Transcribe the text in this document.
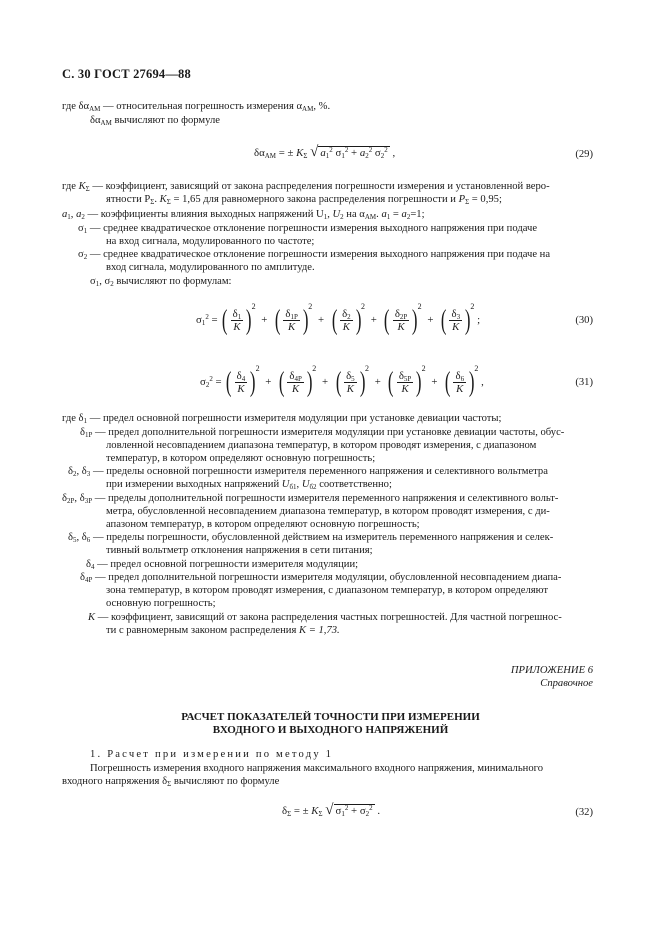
С. 30 ГОСТ 27694—88
где $\delta\alpha_{АМ}$ — относительная погрешность измерения $\alpha_{АМ}$, %.
$\delta\alpha_{АМ}$ вычисляют по формуле
$\delta\alpha_{АМ}$ = ± $K_\Sigma$ √ $a_1^2$ $\sigma_1^2 + a_2^2$ $\sigma_2^2$ ,	(29)
где $K_\Sigma$ — коэффициент, зависящий от закона распределения погрешности измерения и установленной веро-
ятности $P_\Sigma$. $K_\Sigma = 1,65$ для равномерного закона распределения погрешности и $P_\Sigma = 0,95$;
$a_1$, $a_2$ — коэффициенты влияния выходных напряжений $U_1$, $U_2$ на $\alpha_{АМ}$. $a_1 = a_2=1$;
$\sigma_1$ — среднее квадратическое отклонение погрешности измерения выходного напряжения при подаче
на вход сигнала, модулированного по частоте;
$\sigma_2$ — среднее квадратическое отклонение погрешности измерения выходного напряжения при подаче на
вход сигнала, модулированного по амплитуде.
$\sigma_1$, $\sigma_2$ вычисляют по формулам:
$\sigma_1^2$ = ( $\frac{\delta_1}{K} )2$ + ( $\frac{\delta_{1P}}{K} )2$ + ( $\frac{\delta_2}{K} )2$ + ( $\frac{\delta_{2P}}{K} )2$ + ( $\frac{\delta_3}{K} )2$ ;	(30)
$\sigma_2^2$ = ( $\frac{\delta_4}{K} )2$ + ( $\frac{\delta_{4P}}{K} )2$ + ( $\frac{\delta_5}{K} )2$ + ( $\frac{\delta_{5P}}{K} )2$ + ( $\frac{\delta_6}{K} )2$ ,	(31)
где $\delta_1$ — предел основной погрешности измерителя модуляции при установке девиации частоты;
$\delta_{1P}$ — предел дополнительной погрешности измерителя модуляции при установке девиации частоты, обус-
ловленной несовпадением диапазона температур, в котором проводят измерения, с диапазоном
температур, в котором определяют основную погрешность;
$\delta_2$, $\delta_3$ — пределы основной погрешности измерителя переменного напряжения и селективного вольтметра
при измерении выходных напряжений $U_{б1}$, $U_{б2}$ соответственно;
$\delta_{2P}$, $\delta_{3P}$ — пределы дополнительной погрешности измерителя переменного напряжения и селективного вольт-
метра, обусловленной несовпадением диапазона температур, в котором проводят измерения, с ди-
апазоном температур, в котором определяют основную погрешность;
$\delta_5$, $\delta_6$ — пределы погрешности, обусловленной действием на измеритель переменного напряжения и селек-
тивный вольтметр отклонения напряжения в сети питания;
$\delta_4$ — предел основной погрешности измерителя модуляции;
$\delta_{4P}$ — предел дополнительной погрешности измерителя модуляции, обусловленной несовпадением диапа-
зона температур, в котором проводят измерения, с диапазоном температур, в котором определяют
основную погрешность;
K — коэффициент, зависящий от закона распределения частных погрешностей. Для частной погрешнос-
ти с равномерным законом распределения K = 1,73.
ПРИЛОЖЕНИЕ 6
Справочное
РАСЧЕТ ПОКАЗАТЕЛЕЙ ТОЧНОСТИ ПРИ ИЗМЕРЕНИИ
ВХОДНОГО И ВЫХОДНОГО НАПРЯЖЕНИЙ
1. Расчет при измерении по методу 1
Погрешность измерения входного напряжения максимального входного напряжения, минимального
входного напряжения $\delta_\Sigma$ вычисляют по формуле
$\delta_\Sigma$ = ± $K_\Sigma$ √ $\sigma_1^2 + \sigma_2^2$ .	(32)
